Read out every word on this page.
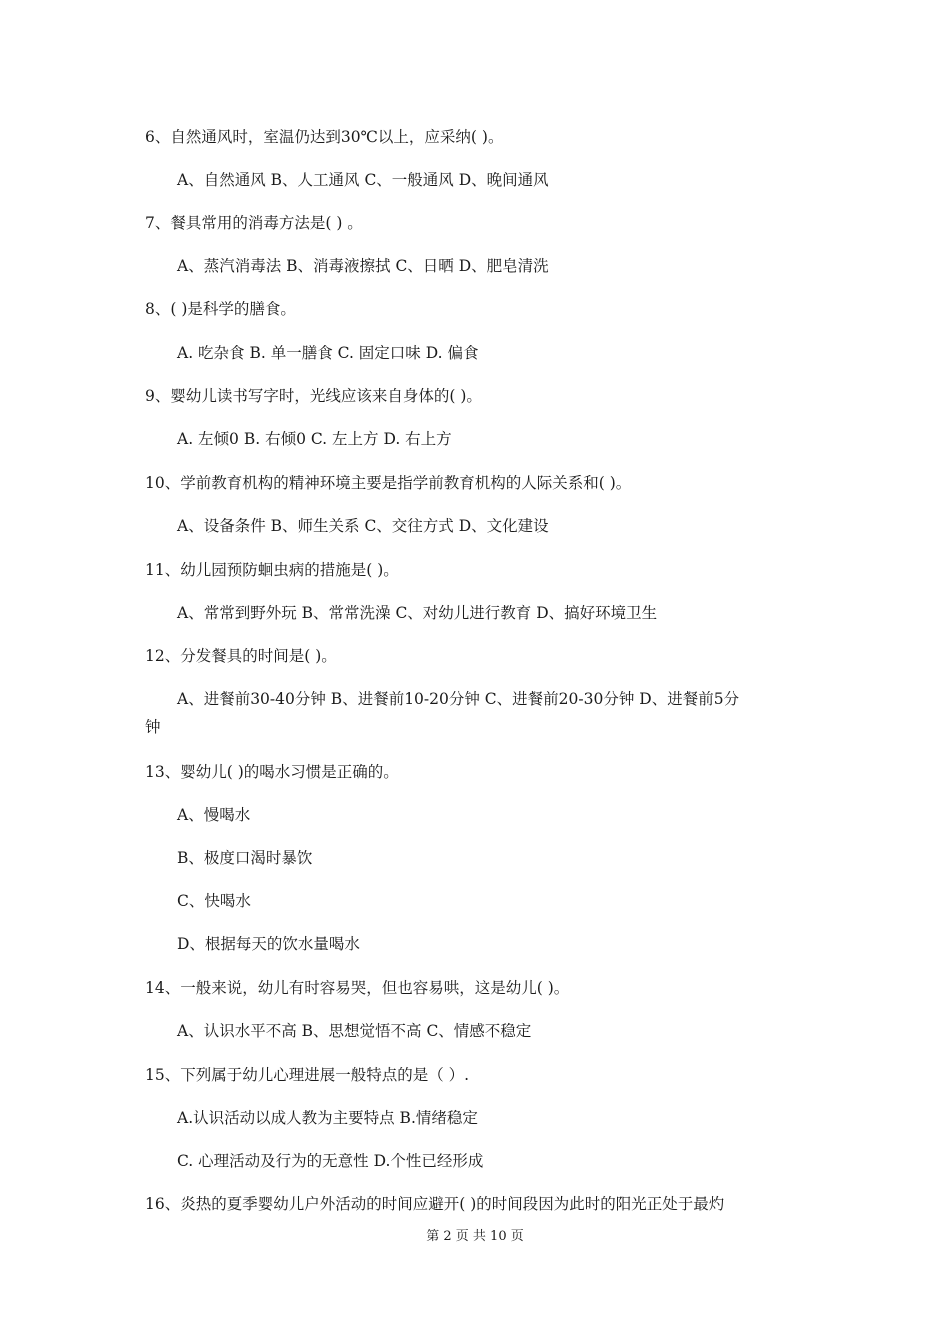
6、自然通风时，室温仍达到30℃以上，应采纳( )。
A、自然通风 B、人工通风 C、一般通风 D、晚间通风
7、餐具常用的消毒方法是( ) 。
A、蒸汽消毒法 B、消毒液擦拭 C、日晒 D、肥皂清洗
8、( )是科学的膳食。
A. 吃杂食 B. 单一膳食 C. 固定口味 D. 偏食
9、婴幼儿读书写字时，光线应该来自身体的( )。
A. 左倾0 B. 右倾0 C. 左上方 D. 右上方
10、学前教育机构的精神环境主要是指学前教育机构的人际关系和( )。
A、设备条件 B、师生关系 C、交往方式 D、文化建设
11、幼儿园预防蛔虫病的措施是( )。
A、常常到野外玩 B、常常洗澡 C、对幼儿进行教育 D、搞好环境卫生
12、分发餐具的时间是( )。
A、进餐前30-40分钟 B、进餐前10-20分钟 C、进餐前20-30分钟 D、进餐前5分
钟
13、婴幼儿( )的喝水习惯是正确的。
A、慢喝水
B、极度口渴时暴饮
C、快喝水
D、根据每天的饮水量喝水
14、一般来说，幼儿有时容易哭，但也容易哄，这是幼儿( )。
A、认识水平不高 B、思想觉悟不高 C、情感不稳定
15、下列属于幼儿心理进展一般特点的是（ ）.
A.认识活动以成人教为主要特点 B.情绪稳定
C. 心理活动及行为的无意性 D.个性已经形成
16、炎热的夏季婴幼儿户外活动的时间应避开( )的时间段因为此时的阳光正处于最灼
第 2 页 共 10 页
